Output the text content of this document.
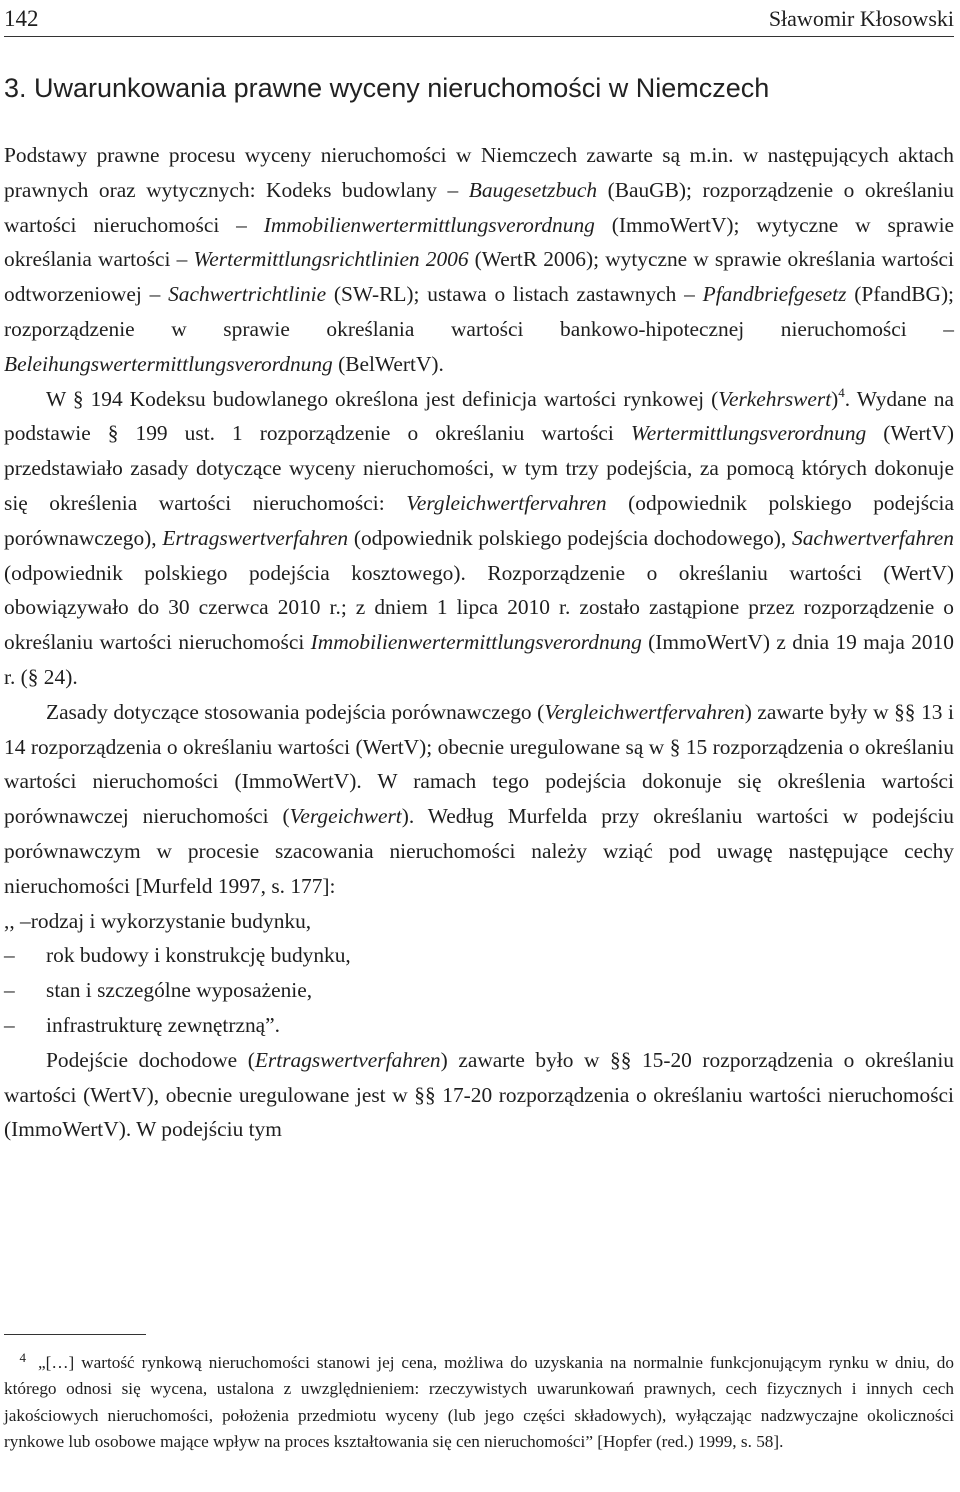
142	Sławomir Kłosowski
3. Uwarunkowania prawne wyceny nieruchomości w Niemczech

Podstawy prawne procesu wyceny nieruchomości w Niemczech zawarte są m.in. w następujących aktach prawnych oraz wytycznych: Kodeks budowlany – Baugesetzbuch (BauGB); rozporządzenie o określaniu wartości nieruchomości – Immobilienwertermittlungsverordnung (ImmoWertV); wytyczne w sprawie określania wartości – Wertermittlungsrichtlinien 2006 (WertR 2006); wytyczne w sprawie określania wartości odtworzeniowej – Sachwertrichtlinie (SW-RL); ustawa o listach zastawnych – Pfandbriefgesetz (PfandBG); rozporządzenie w sprawie określania wartości bankowo-hipotecznej nieruchomości – Beleihungswertermittlungsverordnung (BelWertV).

W § 194 Kodeksu budowlanego określona jest definicja wartości rynkowej (Verkehrswert)$^4$. Wydane na podstawie § 199 ust. 1 rozporządzenie o określaniu wartości Wertermittlungsverordnung (WertV) przedstawiało zasady dotyczące wyceny nieruchomości, w tym trzy podejścia, za pomocą których dokonuje się określenia wartości nieruchomości: Vergleichwertfervahren (odpowiednik polskiego podejścia porównawczego), Ertragswertverfahren (odpowiednik polskiego podejścia dochodowego), Sachwertverfahren (odpowiednik polskiego podejścia kosztowego). Rozporządzenie o określaniu wartości (WertV) obowiązywało do 30 czerwca 2010 r.; z dniem 1 lipca 2010 r. zostało zastąpione przez rozporządzenie o określaniu wartości nieruchomości Immobilienwertermittlungsverordnung (ImmoWertV) z dnia 19 maja 2010 r. (§ 24).

Zasady dotyczące stosowania podejścia porównawczego (Vergleichwertfervahren) zawarte były w §§ 13 i 14 rozporządzenia o określaniu wartości (WertV); obecnie uregulowane są w § 15 rozporządzenia o określaniu wartości nieruchomości (ImmoWertV). W ramach tego podejścia dokonuje się określenia wartości porównawczej nieruchomości (Vergeichwert). Według Murfelda przy określaniu wartości w podejściu porównawczym w procesie szacowania nieruchomości należy wziąć pod uwagę następujące cechy nieruchomości [Murfeld 1997, s. 177]:

,, –rodzaj i wykorzystanie budynku,
– rok budowy i konstrukcję budynku,
– stan i szczególne wyposażenie,
– infrastrukturę zewnętrzną”.

Podejście dochodowe (Ertragswertverfahren) zawarte było w §§ 15-20 rozporządzenia o określaniu wartości (WertV), obecnie uregulowane jest w §§ 17-20 rozporządzenia o określaniu wartości nieruchomości (ImmoWertV). W podejściu tym

4 „[…] wartość rynkową nieruchomości stanowi jej cena, możliwa do uzyskania na normalnie funkcjonującym rynku w dniu, do którego odnosi się wycena, ustalona z uwzględnieniem: rzeczywistych uwarunkowań prawnych, cech fizycznych i innych cech jakościowych nieruchomości, położenia przedmiotu wyceny (lub jego części składowych), wyłączając nadzwyczajne okoliczności rynkowe lub osobowe mające wpływ na proces kształtowania się cen nieruchomości” [Hopfer (red.) 1999, s. 58].
